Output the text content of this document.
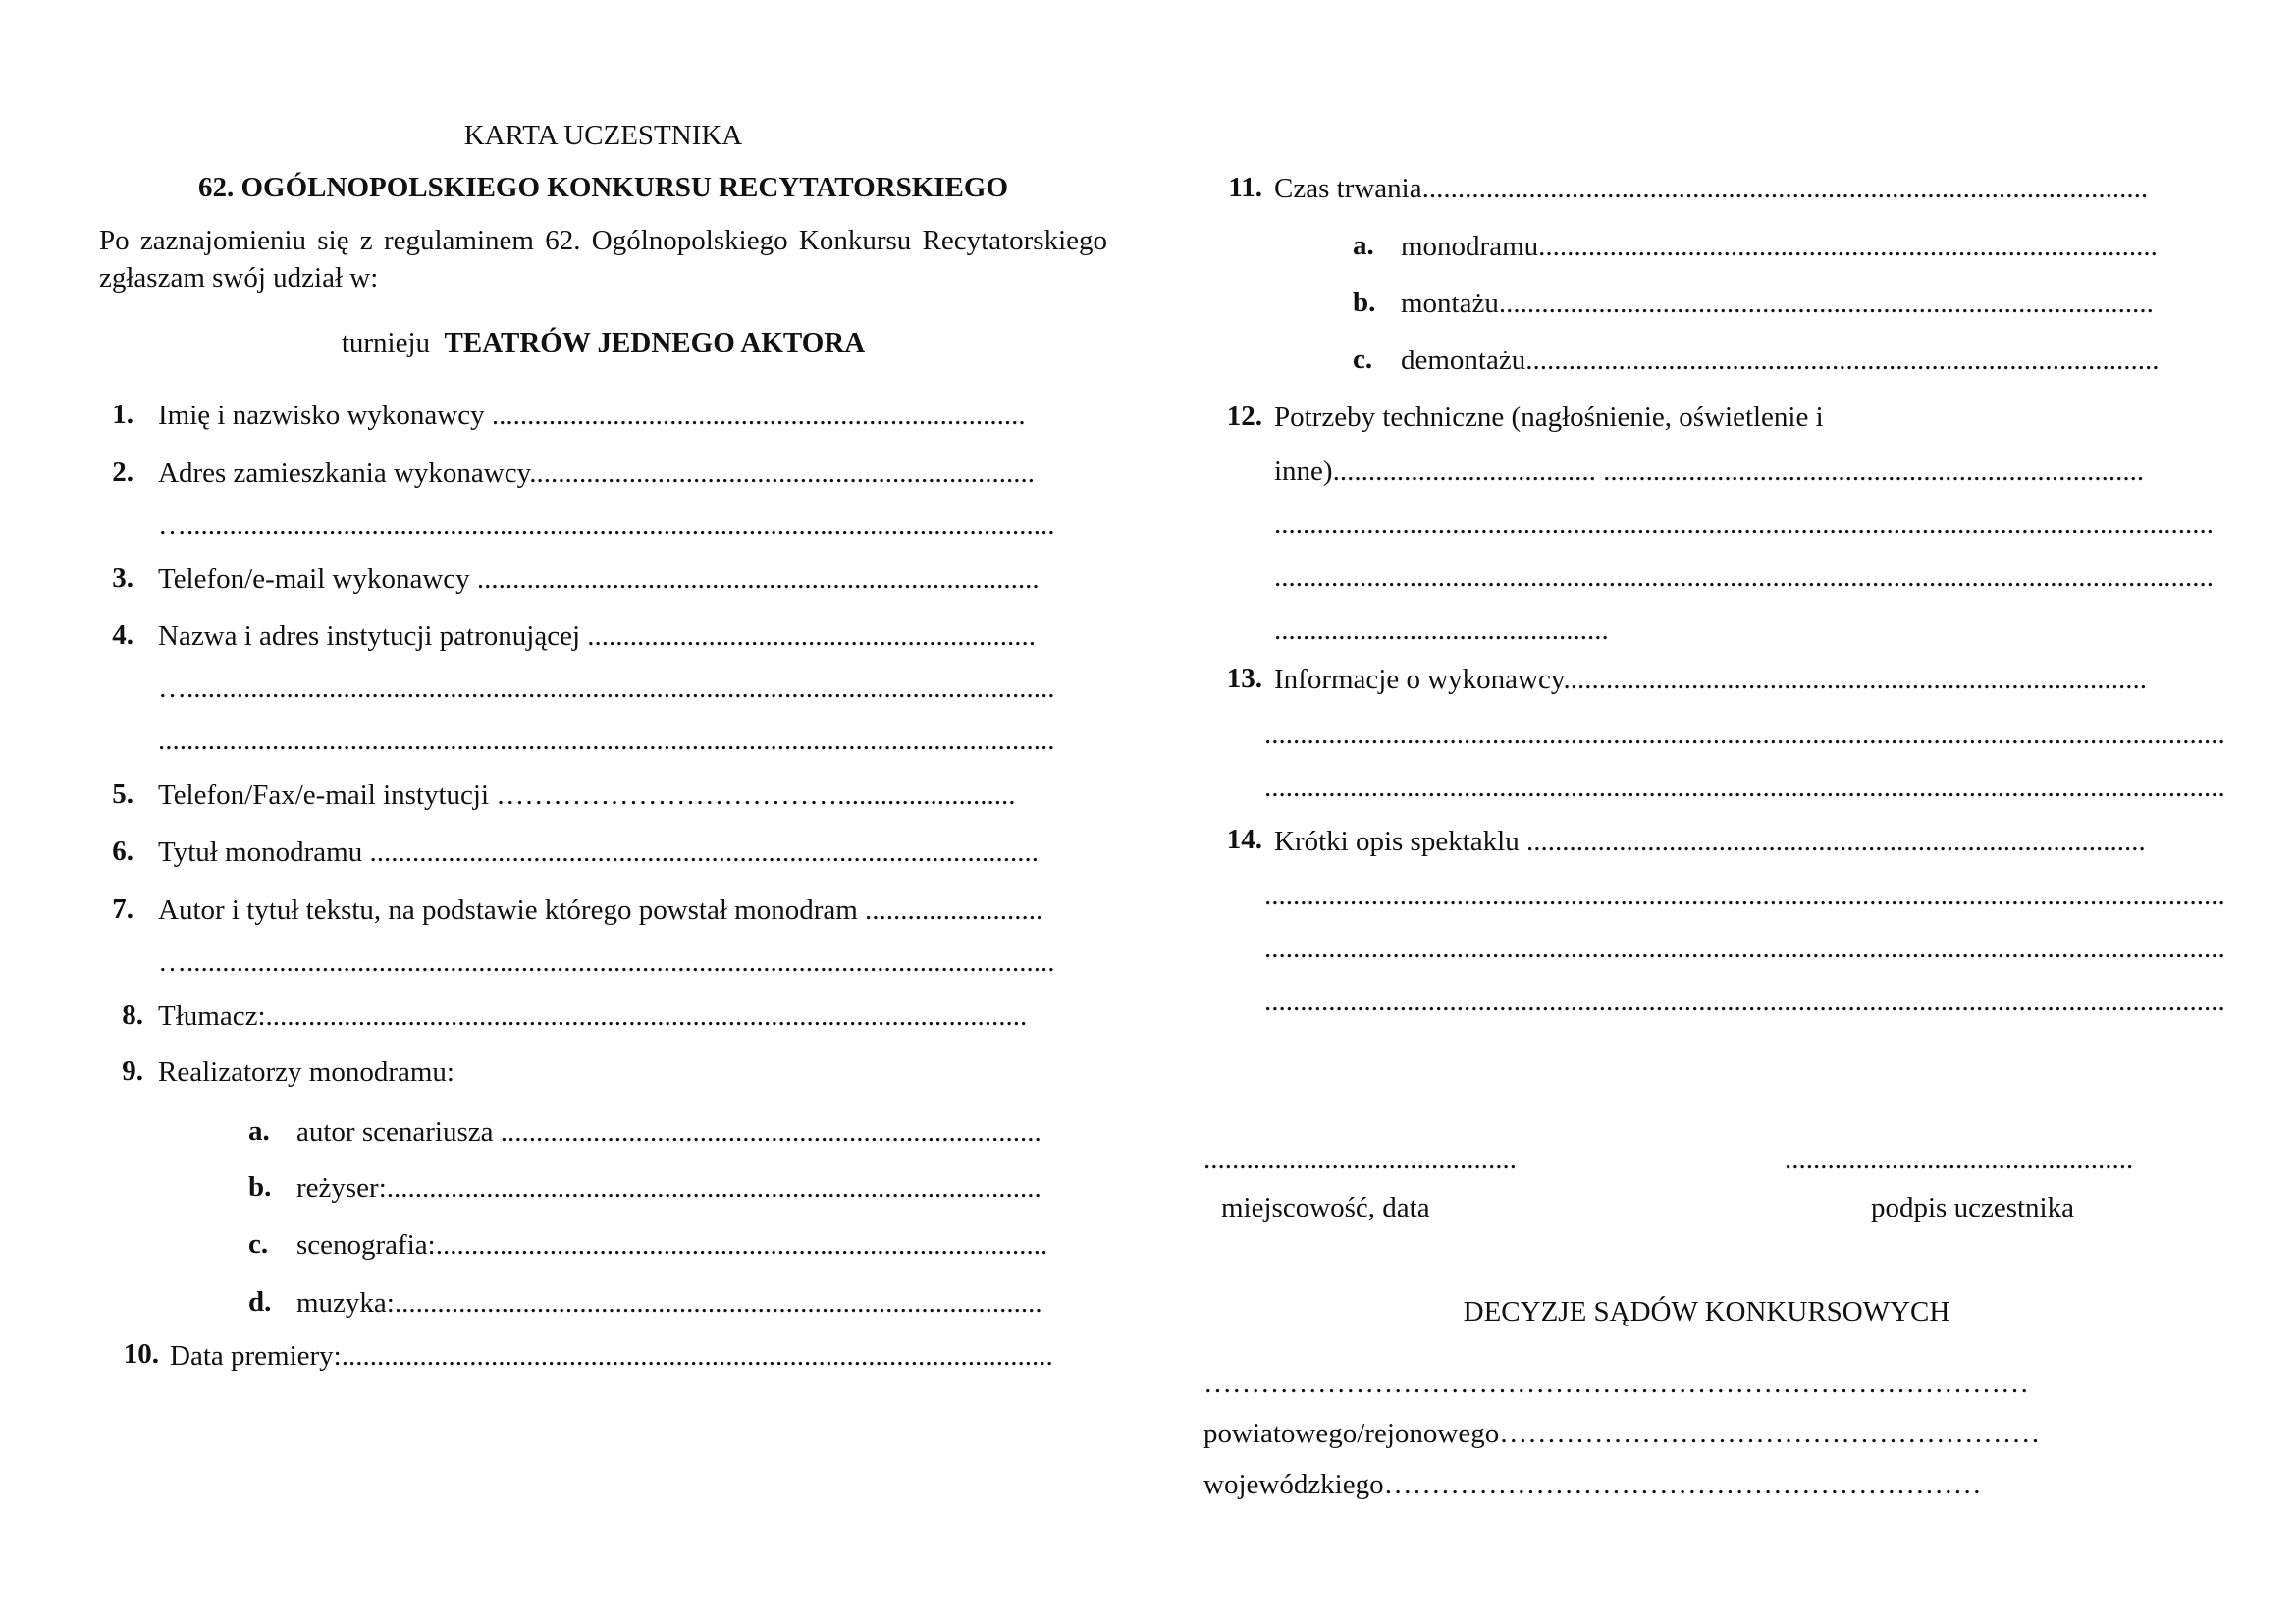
KARTA UCZESTNIKA
62. OGÓLNOPOLSKIEGO KONKURSU RECYTATORSKIEGO
Po zaznajomieniu się z regulaminem 62. Ogólnopolskiego Konkursu Recytatorskiego zgłaszam swój udział w:
turnieju TEATRÓW JEDNEGO AKTORA
1. Imię i nazwisko wykonawcy ...........................................................................
2. Adres zamieszkania wykonawcy.......................................................................
…..........................................................................................................................
3. Telefon/e-mail wykonawcy ...............................................................................
4. Nazwa i adres instytucji patronującej ...............................................................
…..........................................................................................................................
..............................................................................................................................
5. Telefon/Fax/e-mail instytucji ……………………………….........................
6. Tytuł monodramu ..............................................................................................
7. Autor i tytuł tekstu, na podstawie którego powstał monodram .........................
…..........................................................................................................................
8. Tłumacz:...........................................................................................................
9. Realizatorzy monodramu:
a. autor scenariusza ............................................................................
b. reżyser:............................................................................................
c. scenografia:......................................................................................
d. muzyka:...........................................................................................
10. Data premiery:....................................................................................................
11. Czas trwania......................................................................................................
a. monodramu.......................................................................................
b. montażu............................................................................................
c. demontażu.........................................................................................
12. Potrzeby techniczne (nagłośnienie, oświetlenie i
inne)..................................... ............................................................................
....................................................................................................................................
....................................................................................................................................
...............................................
13. Informacje o wykonawcy..................................................................................
.......................................................................................................................................
.......................................................................................................................................
14. Krótki opis spektaklu .......................................................................................
.......................................................................................................................................
.......................................................................................................................................
.......................................................................................................................................
............................................	.................................................
miejscowość, data	podpis uczestnika
DECYZJE SĄDÓW KONKURSOWYCH
……………………………………………………………………………
powiatowego/rejonowego…………………………………………………
wojewódzkiego………………………………………………………
